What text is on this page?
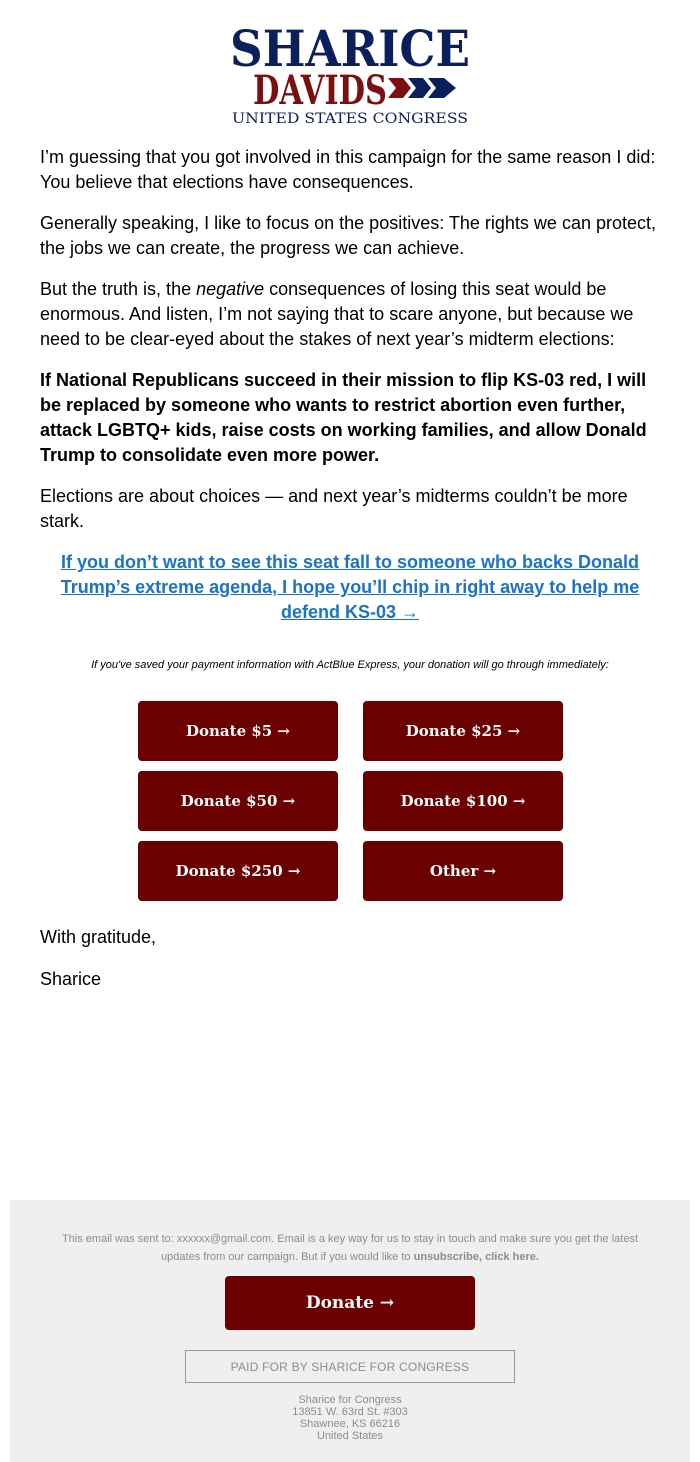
SHARICE
DAVIDS
UNITED STATES CONGRESS

I’m guessing that you got involved in this campaign for the same reason I did: You believe that elections have consequences.

Generally speaking, I like to focus on the positives: The rights we can protect, the jobs we can create, the progress we can achieve.

But the truth is, the negative consequences of losing this seat would be enormous. And listen, I’m not saying that to scare anyone, but because we need to be clear-eyed about the stakes of next year’s midterm elections:

If National Republicans succeed in their mission to flip KS-03 red, I will be replaced by someone who wants to restrict abortion even further, attack LGBTQ+ kids, raise costs on working families, and allow Donald Trump to consolidate even more power.

Elections are about choices — and next year’s midterms couldn’t be more stark.

If you don’t want to see this seat fall to someone who backs Donald Trump’s extreme agenda, I hope you’ll chip in right away to help me defend KS-03 →

If you've saved your payment information with ActBlue Express, your donation will go through immediately:
Donate $5 →	Donate $25 →
Donate $50 →	Donate $100 →
Donate $250 →	Other →

With gratitude,

Sharice

This email was sent to: xxxxxx@gmail.com. Email is a key way for us to stay in touch and make sure you get the latest updates from our campaign. But if you would like to unsubscribe, click here.
Donate →
PAID FOR BY SHARICE FOR CONGRESS
Sharice for Congress
13851 W. 63rd St. #303
Shawnee, KS 66216
United States
